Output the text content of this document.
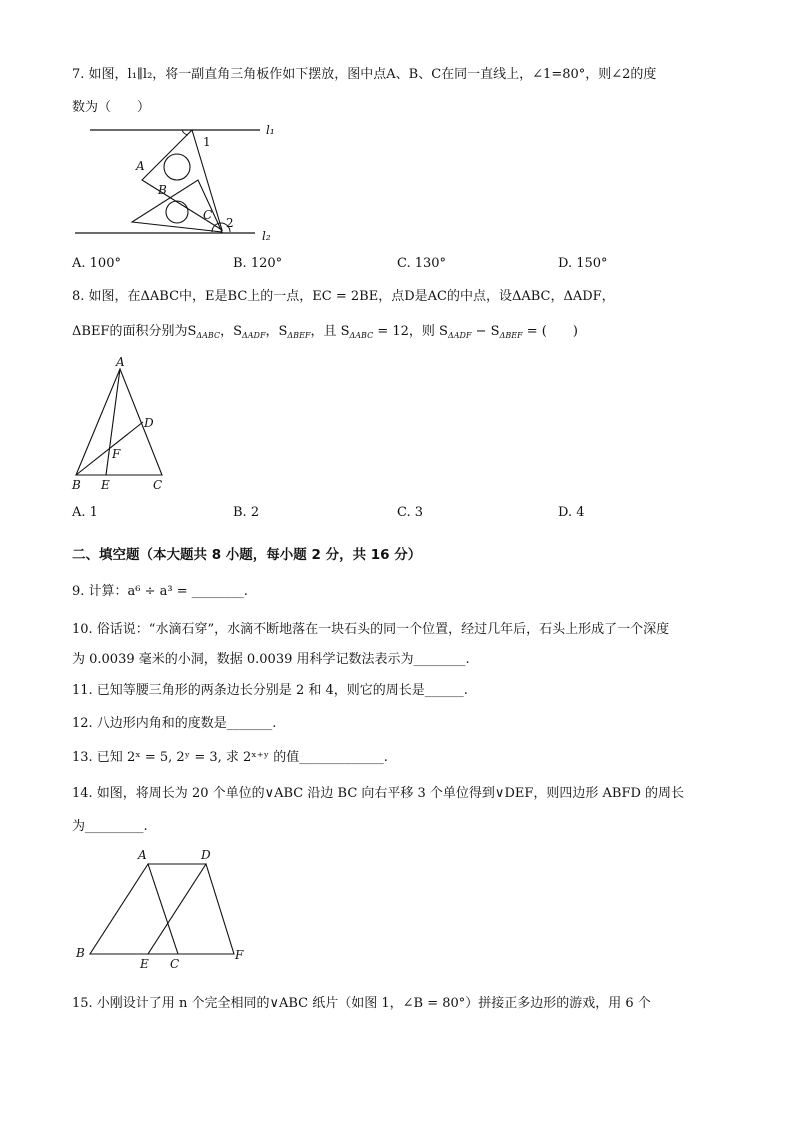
7. 如图，l₁∥l₂，将一副直角三角板作如下摆放，图中点A、B、C在同一直线上，∠1=80°，则∠2的度
数为（　　）
l₁
l₂
1
2
A
B
C
A. 100°	B. 120°	C. 130°	D. 150°
8. 如图，在ΔABC中，E是BC上的一点，EC = 2BE，点D是AC的中点，设ΔABC，ΔADF，
ΔBEF的面积分别为$S_{\Delta ABC}$，$S_{\Delta ADF}$，$S_{\Delta BEF}$，且 $S_{\Delta ABC} = 12$，则 $S_{\Delta ADF} - S_{\Delta BEF}$ = (　　)
A
B E	C
D
F
A. 1	B. 2	C. 3	D. 4
二、填空题（本大题共 8 小题，每小题 2 分，共 16 分）
9. 计算：a⁶ ÷ a³ = ________.
10. 俗话说：“水滴石穿”，水滴不断地落在一块石头的同一个位置，经过几年后，石头上形成了一个深度
为 0.0039 毫米的小洞，数据 0.0039 用科学记数法表示为________.
11. 已知等腰三角形的两条边长分别是 2 和 4，则它的周长是______.
12. 八边形内角和的度数是_______.
13. 已知 2ˣ = 5, 2ʸ = 3, 求 2ˣ⁺ʸ 的值_____________.
14. 如图，将周长为 20 个单位的∨ABC 沿边 BC 向右平移 3 个单位得到∨DEF，则四边形 ABFD 的周长
为_________.
A	D
B
E C
F
15. 小刚设计了用 n 个完全相同的∨ABC 纸片（如图 1，∠B = 80°）拼接正多边形的游戏，用 6 个
